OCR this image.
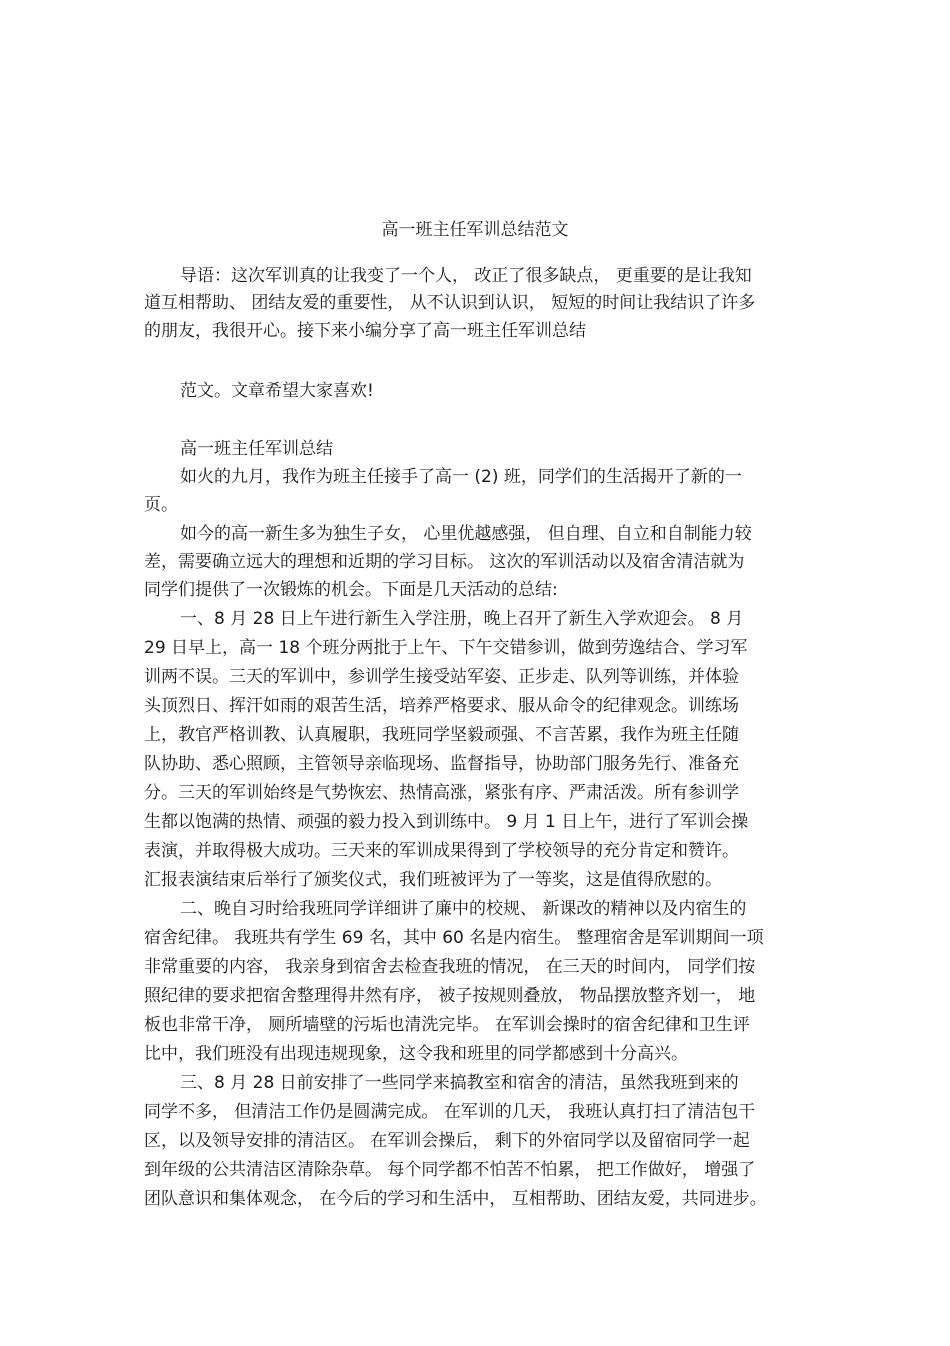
高一班主任军训总结范文
导语：这次军训真的让我变了一个人， 改正了很多缺点， 更重要的是让我知
道互相帮助、 团结友爱的重要性， 从不认识到认识， 短短的时间让我结识了许多
的朋友，我很开心。接下来小编分享了高一班主任军训总结
范文。文章希望大家喜欢!
高一班主任军训总结
如火的九月，我作为班主任接手了高一 (2) 班，同学们的生活揭开了新的一
页。
如今的高一新生多为独生子女， 心里优越感强， 但自理、自立和自制能力较
差，需要确立远大的理想和近期的学习目标。 这次的军训活动以及宿舍清洁就为
同学们提供了一次锻炼的机会。下面是几天活动的总结:
一、8 月 28 日上午进行新生入学注册，晚上召开了新生入学欢迎会。 8 月
29 日早上，高一 18 个班分两批于上午、下午交错参训，做到劳逸结合、学习军
训两不误。三天的军训中，参训学生接受站军姿、正步走、队列等训练，并体验
头顶烈日、挥汗如雨的艰苦生活，培养严格要求、服从命令的纪律观念。训练场
上，教官严格训教、认真履职，我班同学坚毅顽强、不言苦累，我作为班主任随
队协助、悉心照顾，主管领导亲临现场、监督指导，协助部门服务先行、准备充
分。三天的军训始终是气势恢宏、热情高涨，紧张有序、严肃活泼。所有参训学
生都以饱满的热情、顽强的毅力投入到训练中。 9 月 1 日上午，进行了军训会操
表演，并取得极大成功。三天来的军训成果得到了学校领导的充分肯定和赞许。
汇报表演结束后举行了颁奖仪式，我们班被评为了一等奖，这是值得欣慰的。
二、晚自习时给我班同学详细讲了廉中的校规、 新课改的精神以及内宿生的
宿舍纪律。 我班共有学生 69 名，其中 60 名是内宿生。 整理宿舍是军训期间一项
非常重要的内容， 我亲身到宿舍去检查我班的情况， 在三天的时间内， 同学们按
照纪律的要求把宿舍整理得井然有序， 被子按规则叠放， 物品摆放整齐划一， 地
板也非常干净， 厕所墙壁的污垢也清洗完毕。 在军训会操时的宿舍纪律和卫生评
比中，我们班没有出现违规现象，这令我和班里的同学都感到十分高兴。
三、8 月 28 日前安排了一些同学来搞教室和宿舍的清洁，虽然我班到来的
同学不多， 但清洁工作仍是圆满完成。 在军训的几天， 我班认真打扫了清洁包干
区，以及领导安排的清洁区。 在军训会操后， 剩下的外宿同学以及留宿同学一起
到年级的公共清洁区清除杂草。 每个同学都不怕苦不怕累， 把工作做好， 增强了
团队意识和集体观念， 在今后的学习和生活中， 互相帮助、团结友爱，共同进步。
